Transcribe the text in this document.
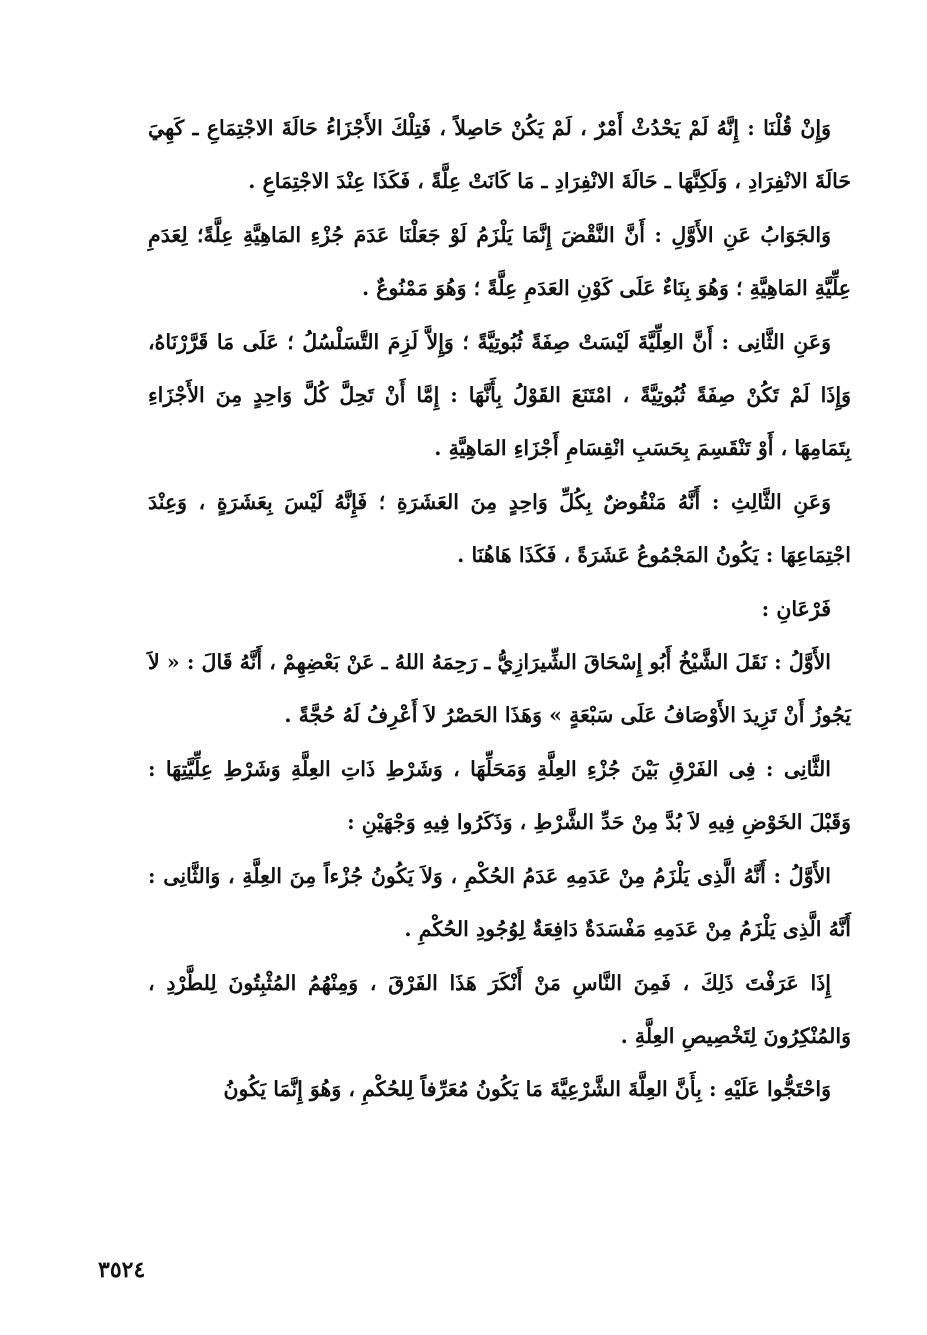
وَإِنْ قُلْنَا : إِنَّهُ لَمْ يَحْدُثْ أَمْرٌ ، لَمْ يَكُنْ حَاصِلاً ، فَتِلْكَ الأَجْزَاءُ حَالَةَ الاجْتِمَاعِ ـ كَهِيَ حَالَةَ الانْفِرَادِ ، وَلَكِنَّهَا ـ حَالَةَ الانْفِرَادِ ـ مَا كَانَتْ عِلَّةً ، فَكَذَا عِنْدَ الاجْتِمَاعِ .

وَالجَوَابُ عَنِ الأَوَّلِ : أَنَّ النَّقْضَ إِنَّمَا يَلْزَمُ لَوْ جَعَلْنَا عَدَمَ جُزْءِ المَاهِيَّةِ عِلَّةً؛ لِعَدَمِ عِلِّيَّةِ المَاهِيَّةِ ؛ وَهُوَ بِنَاءٌ عَلَى كَوْنِ العَدَمِ عِلَّةً ؛ وَهُوَ مَمْنُوعٌ .

وَعَنِ الثَّانِى : أَنَّ العِلِّيَّةَ لَيْسَتْ صِفَةً ثُبُوتِيَّةً ؛ وَإِلاَّ لَزِمَ التَّسَلْسُلُ ؛ عَلَى مَا قَرَّرْنَاهُ، وَإِذَا لَمْ تَكُنْ صِفَةً ثُبُوتِيَّةً ، امْتَنَعَ القَوْلُ بِأَنَّهَا : إِمَّا أَنْ تَحِلَّ كُلَّ وَاحِدٍ مِنَ الأَجْزَاءِ بِتَمَامِهَا ، أَوْ تَنْقَسِمَ بِحَسَبِ انْقِسَامِ أَجْزَاءِ المَاهِيَّةِ .

وَعَنِ الثَّالِثِ : أَنَّهُ مَنْقُوضٌ بِكُلِّ وَاحِدٍ مِنَ العَشَرَةِ ؛ فَإِنَّهُ لَيْسَ بِعَشَرَةٍ ، وَعِنْدَ اجْتِمَاعِهَا : يَكُونُ المَجْمُوعُ عَشَرَةً ، فَكَذَا هَاهُنَا .

فَرْعَانِ :

الأَوَّلُ : نَقَلَ الشَّيْخُ أَبُو إِسْحَاقَ الشِّيرَازِيُّ ـ رَحِمَهُ اللهُ ـ عَنْ بَعْضِهِمْ ، أَنَّهُ قَالَ : « لاَ يَجُوزُ أَنْ تَزِيدَ الأَوْصَافُ عَلَى سَبْعَةٍ » وَهَذَا الحَصْرُ لاَ أَعْرِفُ لَهُ حُجَّةً .

الثَّانِى : فِى الفَرْقِ بَيْنَ جُزْءِ العِلَّةِ وَمَحَلِّهَا ، وَشَرْطِ ذَاتِ العِلَّةِ وَشَرْطِ عِلِّيَّتِهَا : وَقَبْلَ الخَوْضِ فِيهِ لاَ بُدَّ مِنْ حَدِّ الشَّرْطِ ، وَذَكَرُوا فِيهِ وَجْهَيْنِ :

الأَوَّلُ : أَنَّهُ الَّذِى يَلْزَمُ مِنْ عَدَمِهِ عَدَمُ الحُكْمِ ، وَلاَ يَكُونُ جُزْءاً مِنَ العِلَّةِ ، وَالثَّانِى : أَنَّهُ الَّذِى يَلْزَمُ مِنْ عَدَمِهِ مَفْسَدَةٌ دَافِعَةٌ لِوُجُودِ الحُكْمِ .

إِذَا عَرَفْتَ ذَلِكَ ، فَمِنَ النَّاسِ مَنْ أَنْكَرَ هَذَا الفَرْقَ ، وَمِنْهُمُ المُثْبِتُونَ لِلطَّرْدِ ، وَالمُنْكِرُونَ لِتَخْصِيصِ العِلَّةِ .

وَاحْتَجُّوا عَلَيْهِ : بِأَنَّ العِلَّةَ الشَّرْعِيَّةَ مَا يَكُونُ مُعَرِّفاً لِلحُكْمِ ، وَهُوَ إِنَّمَا يَكُونُ

٣٥٢٤
